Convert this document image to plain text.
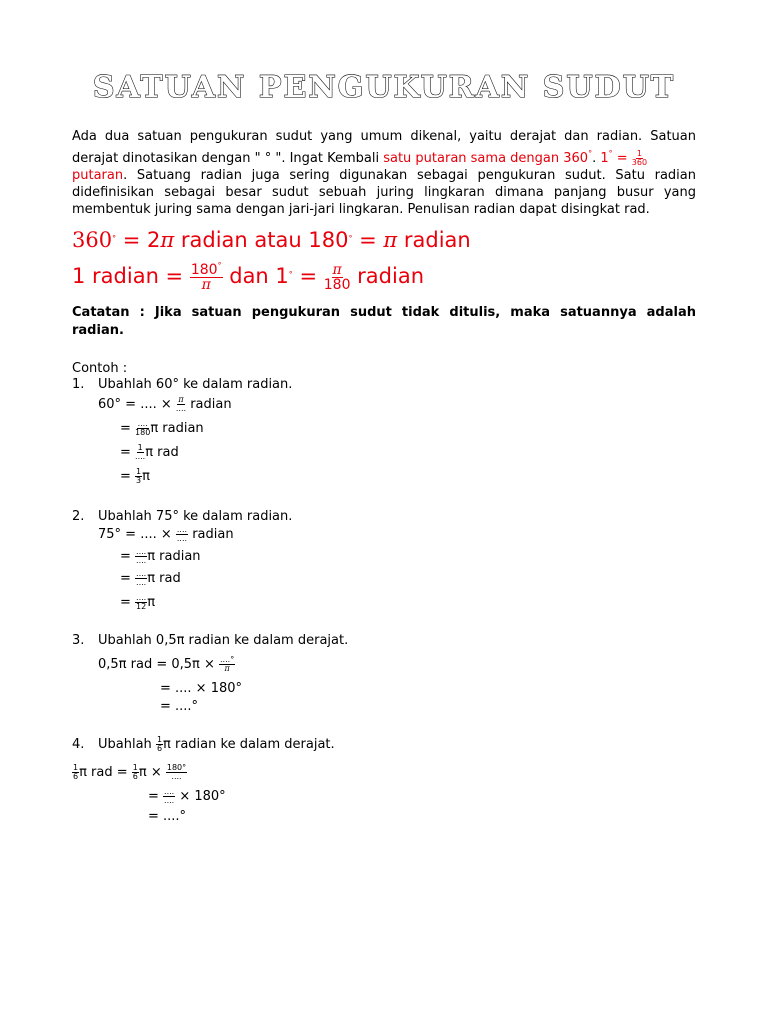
SATUAN PENGUKURAN SUDUT
Ada dua satuan pengukuran sudut yang umum dikenal, yaitu derajat dan radian. Satuan derajat dinotasikan dengan " ° ". Ingat Kembali satu putaran sama dengan 360°. $1^\circ = \frac{1}{360}$

putaran. Satuang radian juga sering digunakan sebagai pengukuran sudut. Satu radian didefinisikan sebagai besar sudut sebuah juring lingkaran dimana panjang busur yang membentuk juring sama dengan jari-jari lingkaran. Penulisan radian dapat disingkat rad.
360° = 2π radian atau 180° = π radian
1 radian = $\frac{180^\circ}{\pi}$ dan $1^\circ = \frac{\pi}{180}$ radian
Catatan : Jika satuan pengukuran sudut tidak ditulis, maka satuannya adalah radian.
Contoh :
1. Ubahlah 60° ke dalam radian.
60° = .... × $\frac{\pi}{....}$ radian
= $\frac{....}{180}$ π radian
= $\frac{1}{....}$ π rad
= $\frac{1}{3}$ π
2. Ubahlah 75° ke dalam radian.
75° = .... × $\frac{....}{....}$ radian
= $\frac{....}{....}$ π radian
= $\frac{....}{....}$ π rad
= $\frac{....}{12}$ π
3. Ubahlah 0,5π radian ke dalam derajat.
0,5π rad = $0,5\pi \times \frac{....^\circ}{\pi}$
= .... × 180°
= ....°
4. Ubahlah $\frac{1}{6}$ π radian ke dalam derajat.
$\frac{1}{6}$ π rad = $\frac{1}{6}$ $\pi \times \frac{180^\circ}{....}$
= $\frac{....}{....} \times 180^\circ$
= ....°
